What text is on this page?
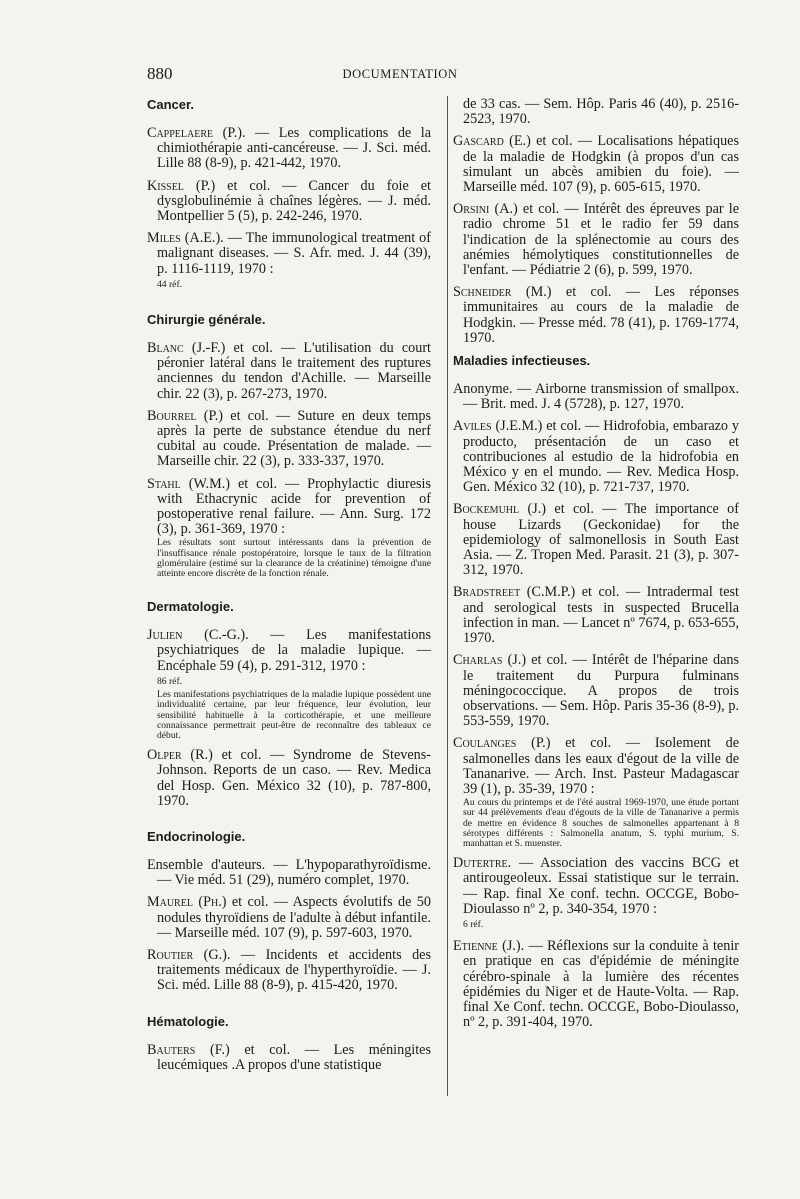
880	DOCUMENTATION
Cancer.
Cappelaere (P.). — Les complications de la chimiothérapie anti-cancéreuse. — J. Sci. méd. Lille 88 (8-9), p. 421-442, 1970.
Kissel (P.) et col. — Cancer du foie et dysglobulinémie à chaînes légères. — J. méd. Montpellier 5 (5), p. 242-246, 1970.
Miles (A.E.). — The immunological treatment of malignant diseases. — S. Afr. med. J. 44 (39), p. 1116-1119, 1970 :
44 réf.
Chirurgie générale.
Blanc (J.-F.) et col. — L'utilisation du court péronier latéral dans le traitement des ruptures anciennes du tendon d'Achille. — Marseille chir. 22 (3), p. 267-273, 1970.
Bourrel (P.) et col. — Suture en deux temps après la perte de substance étendue du nerf cubital au coude. Présentation de malade. — Marseille chir. 22 (3), p. 333-337, 1970.
Stahl (W.M.) et col. — Prophylactic diuresis with Ethacrynic acide for prevention of postoperative renal failure. — Ann. Surg. 172 (3), p. 361-369, 1970 :
Les résultats sont surtout intéressants dans la prévention de l'insuffisance rénale postopératoire, lorsque le taux de la filtration glomérulaire (estimé sur la clearance de la créatinine) témoigne d'une atteinte encore discrète de la fonction rénale.
Dermatologie.
Julien (C.-G.). — Les manifestations psychiatriques de la maladie lupique. — Encéphale 59 (4), p. 291-312, 1970 :
86 réf.
Les manifestations psychiatriques de la maladie lupique possèdent une individualité certaine, par leur fréquence, leur évolution, leur sensibilité habituelle à la corticothérapie, et une meilleure connaissance permettrait peut-être de reconnaître des tableaux ce début.
Olper (R.) et col. — Syndrome de Stevens-Johnson. Reports de un caso. — Rev. Medica del Hosp. Gen. México 32 (10), p. 787-800, 1970.
Endocrinologie.
Ensemble d'auteurs. — L'hypoparathyroïdisme. — Vie méd. 51 (29), numéro complet, 1970.
Maurel (Ph.) et col. — Aspects évolutifs de 50 nodules thyroïdiens de l'adulte à début infantile. — Marseille méd. 107 (9), p. 597-603, 1970.
Routier (G.). — Incidents et accidents des traitements médicaux de l'hyperthyroïdie. — J. Sci. méd. Lille 88 (8-9), p. 415-420, 1970.
Hématologie.
Bauters (F.) et col. — Les méningites leucémiques .A propos d'une statistique
de 33 cas. — Sem. Hôp. Paris 46 (40), p. 2516-2523, 1970.
Gascard (E.) et col. — Localisations hépatiques de la maladie de Hodgkin (à propos d'un cas simulant un abcès amibien du foie). — Marseille méd. 107 (9), p. 605-615, 1970.
Orsini (A.) et col. — Intérêt des épreuves par le radio chrome 51 et le radio fer 59 dans l'indication de la splénectomie au cours des anémies hémolytiques constitutionnelles de l'enfant. — Pédiatrie 2 (6), p. 599, 1970.
Schneider (M.) et col. — Les réponses immunitaires au cours de la maladie de Hodgkin. — Presse méd. 78 (41), p. 1769-1774, 1970.
Maladies infectieuses.
Anonyme. — Airborne transmission of smallpox. — Brit. med. J. 4 (5728), p. 127, 1970.
Aviles (J.E.M.) et col. — Hidrofobia, embarazo y producto, présentación de un caso et contribuciones al estudio de la hidrofobia en México y en el mundo. — Rev. Medica Hosp. Gen. México 32 (10), p. 721-737, 1970.
Bockemuhl (J.) et col. — The importance of house Lizards (Geckonidae) for the epidemiology of salmonellosis in South East Asia. — Z. Tropen Med. Parasit. 21 (3), p. 307-312, 1970.
Bradstreet (C.M.P.) et col. — Intradermal test and serological tests in suspected Brucella infection in man. — Lancet nº 7674, p. 653-655, 1970.
Charlas (J.) et col. — Intérêt de l'héparine dans le traitement du Purpura fulminans méningococcique. A propos de trois observations. — Sem. Hôp. Paris 35-36 (8-9), p. 553-559, 1970.
Coulanges (P.) et col. — Isolement de salmonelles dans les eaux d'égout de la ville de Tananarive. — Arch. Inst. Pasteur Madagascar 39 (1), p. 35-39, 1970 :
Au cours du printemps et de l'été austral 1969-1970, une étude portant sur 44 prélèvements d'eau d'égouts de la ville de Tananarive a permis de mettre en évidence 8 souches de salmonelles appartenant à 8 sérotypes différents : Salmonella anatum, S. typhi murium, S. manhattan et S. muenster.
Dutertre. — Association des vaccins BCG et antirougeoleux. Essai statistique sur le terrain. — Rap. final Xe conf. techn. OCCGE, Bobo-Dioulasso nº 2, p. 340-354, 1970 :
6 réf.
Etienne (J.). — Réflexions sur la conduite à tenir en pratique en cas d'épidémie de méningite cérébro-spinale à la lumière des récentes épidémies du Niger et de Haute-Volta. — Rap. final Xe Conf. techn. OCCGE, Bobo-Dioulasso, nº 2, p. 391-404, 1970.
